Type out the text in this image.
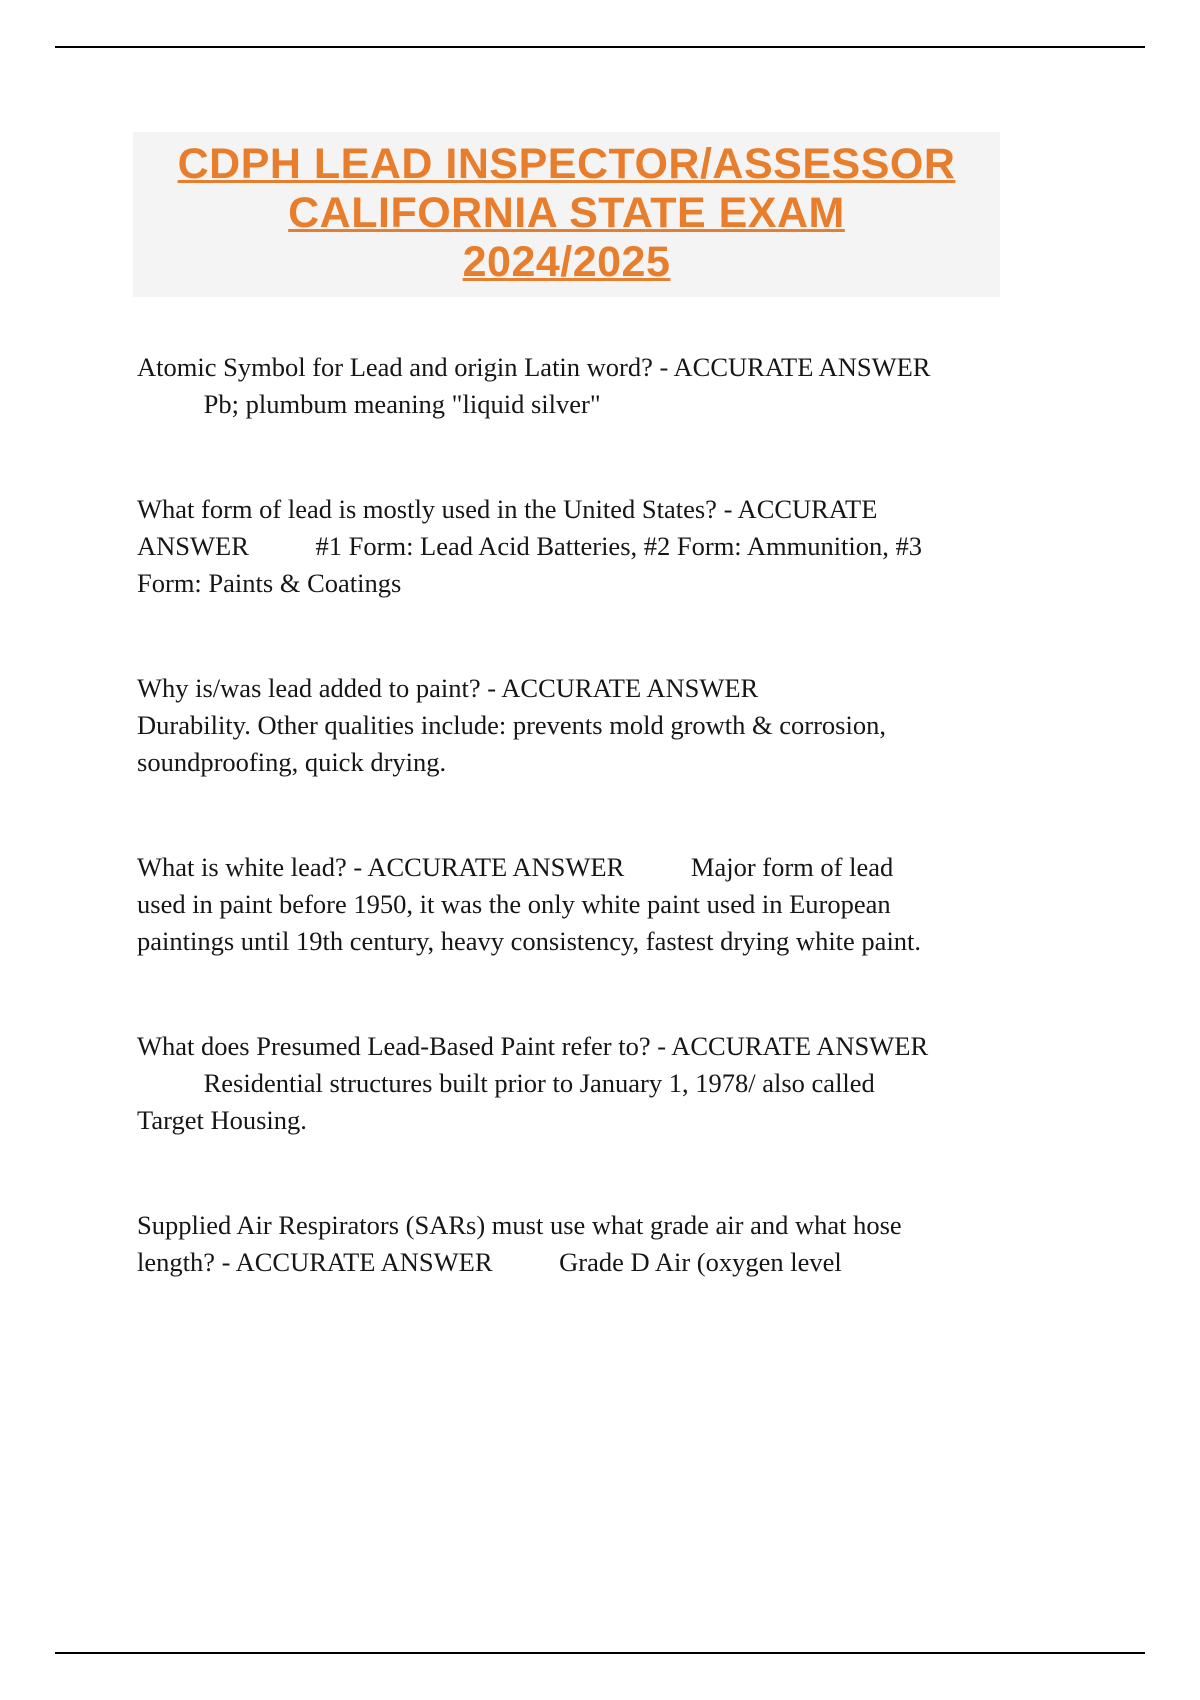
CDPH LEAD INSPECTOR/ASSESSOR
CALIFORNIA STATE EXAM
2024/2025

Atomic Symbol for Lead and origin Latin word? - ACCURATE ANSWER Pb; plumbum meaning "liquid silver"

What form of lead is mostly used in the United States? - ACCURATE ANSWER	#1 Form: Lead Acid Batteries, #2 Form: Ammunition, #3 Form: Paints & Coatings

Why is/was lead added to paint? - ACCURATE ANSWER Durability. Other qualities include: prevents mold growth & corrosion, soundproofing, quick drying.

What is white lead? - ACCURATE ANSWER	Major form of lead used in paint before 1950, it was the only white paint used in European paintings until 19th century, heavy consistency, fastest drying white paint.

What does Presumed Lead-Based Paint refer to? - ACCURATE ANSWER Residential structures built prior to January 1, 1978/ also called Target Housing.

Supplied Air Respirators (SARs) must use what grade air and what hose length? - ACCURATE ANSWER	Grade D Air (oxygen level
